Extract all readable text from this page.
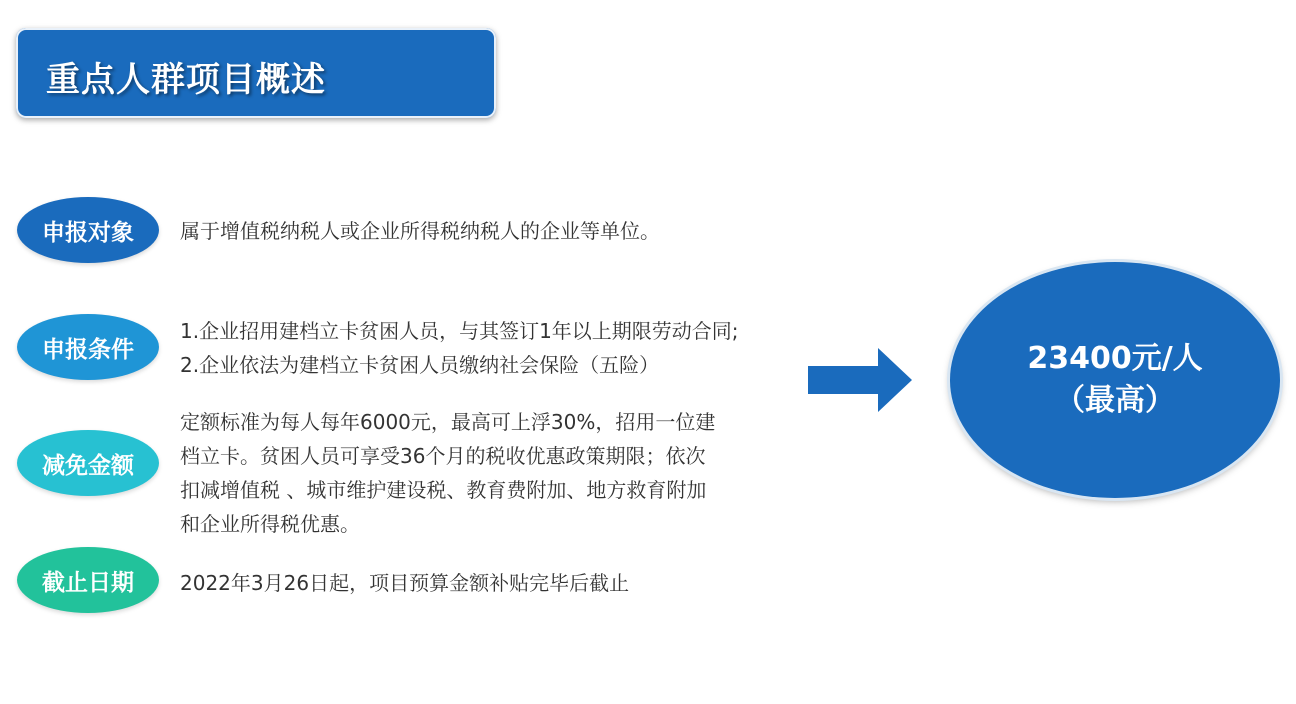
重点人群项目概述
申报对象	属于增值税纳税人或企业所得税纳税人的企业等单位。
申报条件
1.企业招用建档立卡贫困人员，与其签订1年以上期限劳动合同;
2.企业依法为建档立卡贫困人员缴纳社会保险（五险）
减免金额
定额标准为每人每年6000元，最高可上浮30%，招用一位建
档立卡。贫困人员可享受36个月的税收优惠政策期限；依次
扣减增值税 、城市维护建设税、教育费附加、地方救育附加
和企业所得税优惠。
截止日期	2022年3月26日起，项目预算金额补贴完毕后截止
23400元/人
（最高）
